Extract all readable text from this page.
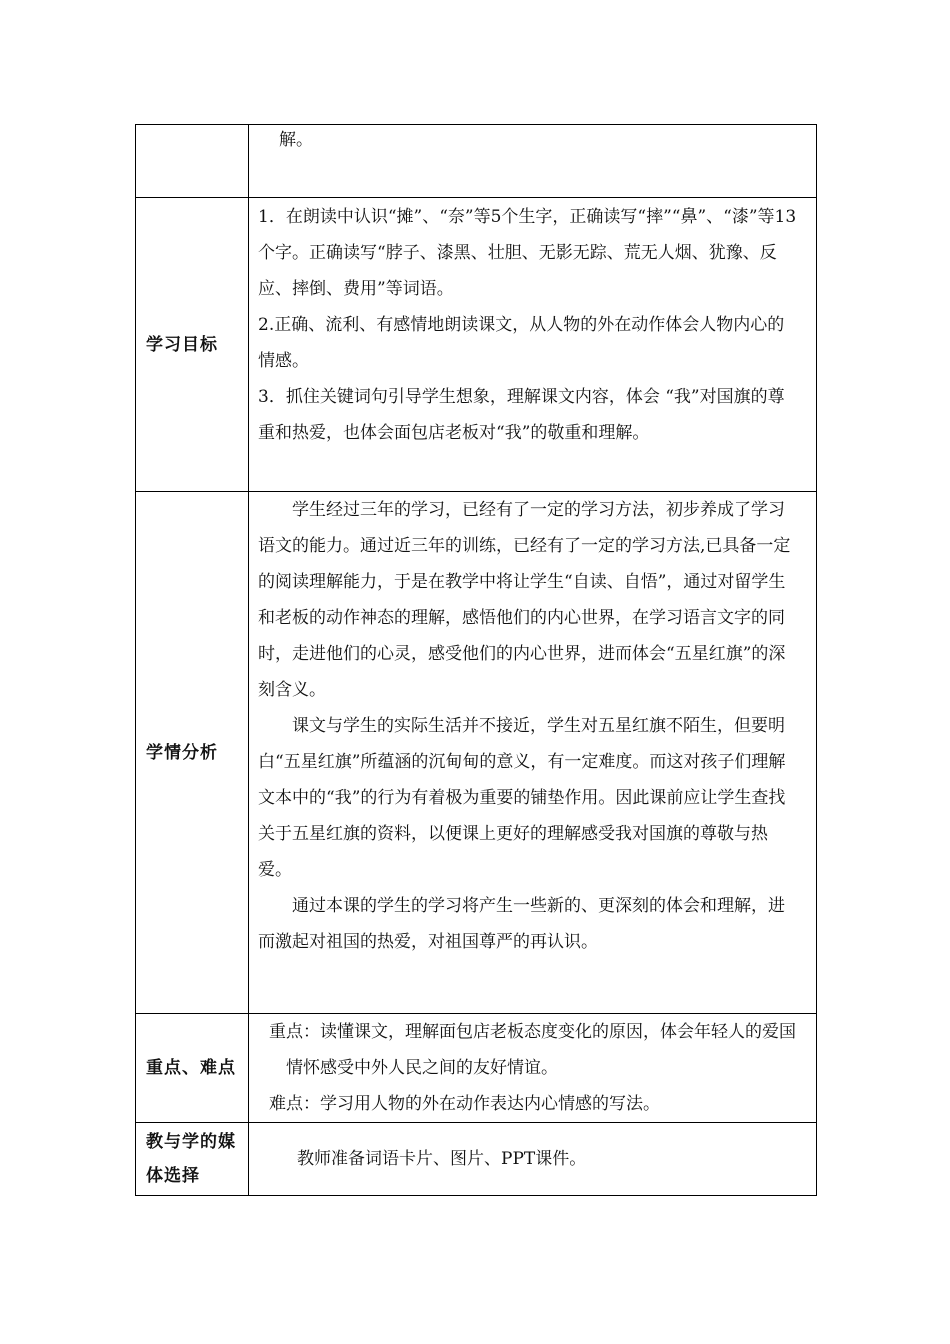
	解。

学习目标	1．在朗读中认识“摊”、“奈”等5个生字，正确读写“摔”“鼻”、“漆”等13个字。正确读写“脖子、漆黑、壮胆、无影无踪、荒无人烟、犹豫、反应、摔倒、费用”等词语。

2.正确、流利、有感情地朗读课文，从人物的外在动作体会人物内心的情感。

3．抓住关键词句引导学生想象，理解课文内容，体会 “我”对国旗的尊重和热爱，也体会面包店老板对“我”的敬重和理解。

学情分析	学生经过三年的学习，已经有了一定的学习方法，初步养成了学习语文的能力。通过近三年的训练，已经有了一定的学习方法,已具备一定的阅读理解能力，于是在教学中将让学生“自读、自悟”，通过对留学生和老板的动作神态的理解，感悟他们的内心世界，在学习语言文字的同时，走进他们的心灵，感受他们的内心世界，进而体会“五星红旗”的深刻含义。

课文与学生的实际生活并不接近，学生对五星红旗不陌生，但要明白“五星红旗”所蕴涵的沉甸甸的意义，有一定难度。而这对孩子们理解文本中的“我”的行为有着极为重要的铺垫作用。因此课前应让学生查找关于五星红旗的资料，以便课上更好的理解感受我对国旗的尊敬与热爱。

通过本课的学生的学习将产生一些新的、更深刻的体会和理解，进而激起对祖国的热爱，对祖国尊严的再认识。

重点、难点	重点：读懂课文，理解面包店老板态度变化的原因，体会年轻人的爱国情怀感受中外人民之间的友好情谊。

难点：学习用人物的外在动作表达内心情感的写法。

教与学的媒体选择	教师准备词语卡片、图片、PPT课件。
